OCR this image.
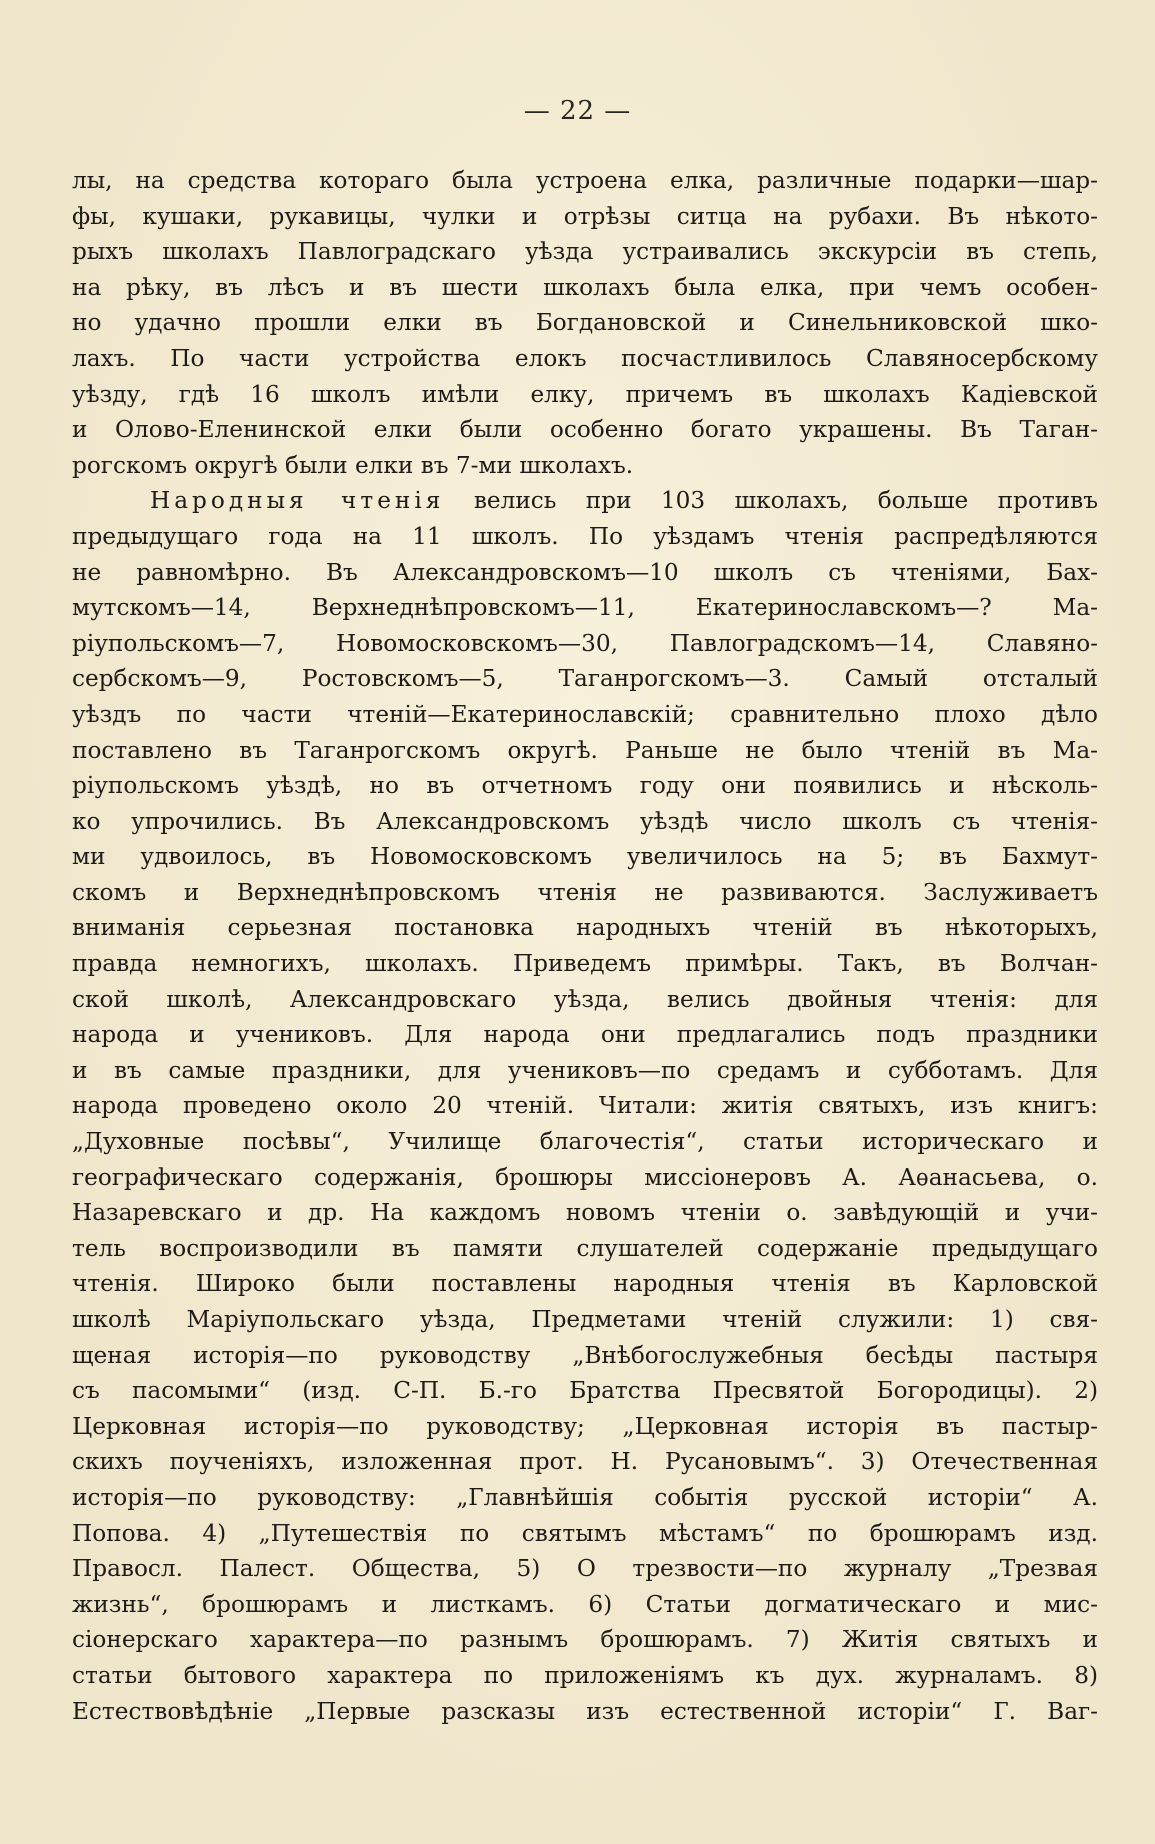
— 22 —
лы, на средства котораго была устроена елка, различные подарки—шар-
фы, кушаки, рукавицы, чулки и отрѣзы ситца на рубахи. Въ нѣкото-
рыхъ школахъ Павлоградскаго уѣзда устраивались экскурсіи въ степь,
на рѣку, въ лѣсъ и въ шести школахъ была елка, при чемъ особен-
но удачно прошли елки въ Богдановской и Синельниковской шко-
лахъ. По части устройства елокъ посчастливилось Славяносербскому
уѣзду, гдѣ 16 школъ имѣли елку, причемъ въ школахъ Кадіевской
и Олово-Еленинской елки были особенно богато украшены. Въ Таган-
рогскомъ округѣ были елки въ 7-ми школахъ.
Народныя чтенія велись при 103 школахъ, больше противъ
предыдущаго года на 11 школъ. По уѣздамъ чтенія распредѣляются
не равномѣрно. Въ Александровскомъ—10 школъ съ чтеніями, Бах-
мутскомъ—14, Верхнеднѣпровскомъ—11, Екатеринославскомъ—? Ма-
ріупольскомъ—7, Новомосковскомъ—30, Павлоградскомъ—14, Славяно-
сербскомъ—9, Ростовскомъ—5, Таганрогскомъ—3. Самый отсталый
уѣздъ по части чтеній—Екатеринославскій; сравнительно плохо дѣло
поставлено въ Таганрогскомъ округѣ. Раньше не было чтеній въ Ма-
ріупольскомъ уѣздѣ, но въ отчетномъ году они появились и нѣсколь-
ко упрочились. Въ Александровскомъ уѣздѣ число школъ съ чтенія-
ми удвоилось, въ Новомосковскомъ увеличилось на 5; въ Бахмут-
скомъ и Верхнеднѣпровскомъ чтенія не развиваются. Заслуживаетъ
вниманія серьезная постановка народныхъ чтеній въ нѣкоторыхъ,
правда немногихъ, школахъ. Приведемъ примѣры. Такъ, въ Волчан-
ской школѣ, Александровскаго уѣзда, велись двойныя чтенія: для
народа и учениковъ. Для народа они предлагались подъ праздники
и въ самые праздники, для учениковъ—по средамъ и субботамъ. Для
народа проведено около 20 чтеній. Читали: житія святыхъ, изъ книгъ:
„Духовные посѣвы“, Училище благочестія“, статьи историческаго и
географическаго содержанія, брошюры миссіонеровъ А. Аѳанасьева, о.
Назаревскаго и др. На каждомъ новомъ чтеніи о. завѣдующій и учи-
тель воспроизводили въ памяти слушателей содержаніе предыдущаго
чтенія. Широко были поставлены народныя чтенія въ Карловской
школѣ Маріупольскаго уѣзда, Предметами чтеній служили: 1) свя-
щеная исторія—по руководству „Внѣбогослужебныя бесѣды пастыря
съ пасомыми“ (изд. С-П. Б.-го Братства Пресвятой Богородицы). 2)
Церковная исторія—по руководству; „Церковная исторія въ пастыр-
скихъ поученіяхъ, изложенная прот. Н. Русановымъ“. 3) Отечественная
исторія—по руководству: „Главнѣйшія событія русской исторіи“ А.
Попова. 4) „Путешествія по святымъ мѣстамъ“ по брошюрамъ изд.
Правосл. Палест. Общества, 5) О трезвости—по журналу „Трезвая
жизнь“, брошюрамъ и листкамъ. 6) Статьи догматическаго и мис-
сіонерскаго характера—по разнымъ брошюрамъ. 7) Житія святыхъ и
статьи бытового характера по приложеніямъ къ дух. журналамъ. 8)
Естествовѣдѣніе „Первые разсказы изъ естественной исторіи“ Г. Ваг-
